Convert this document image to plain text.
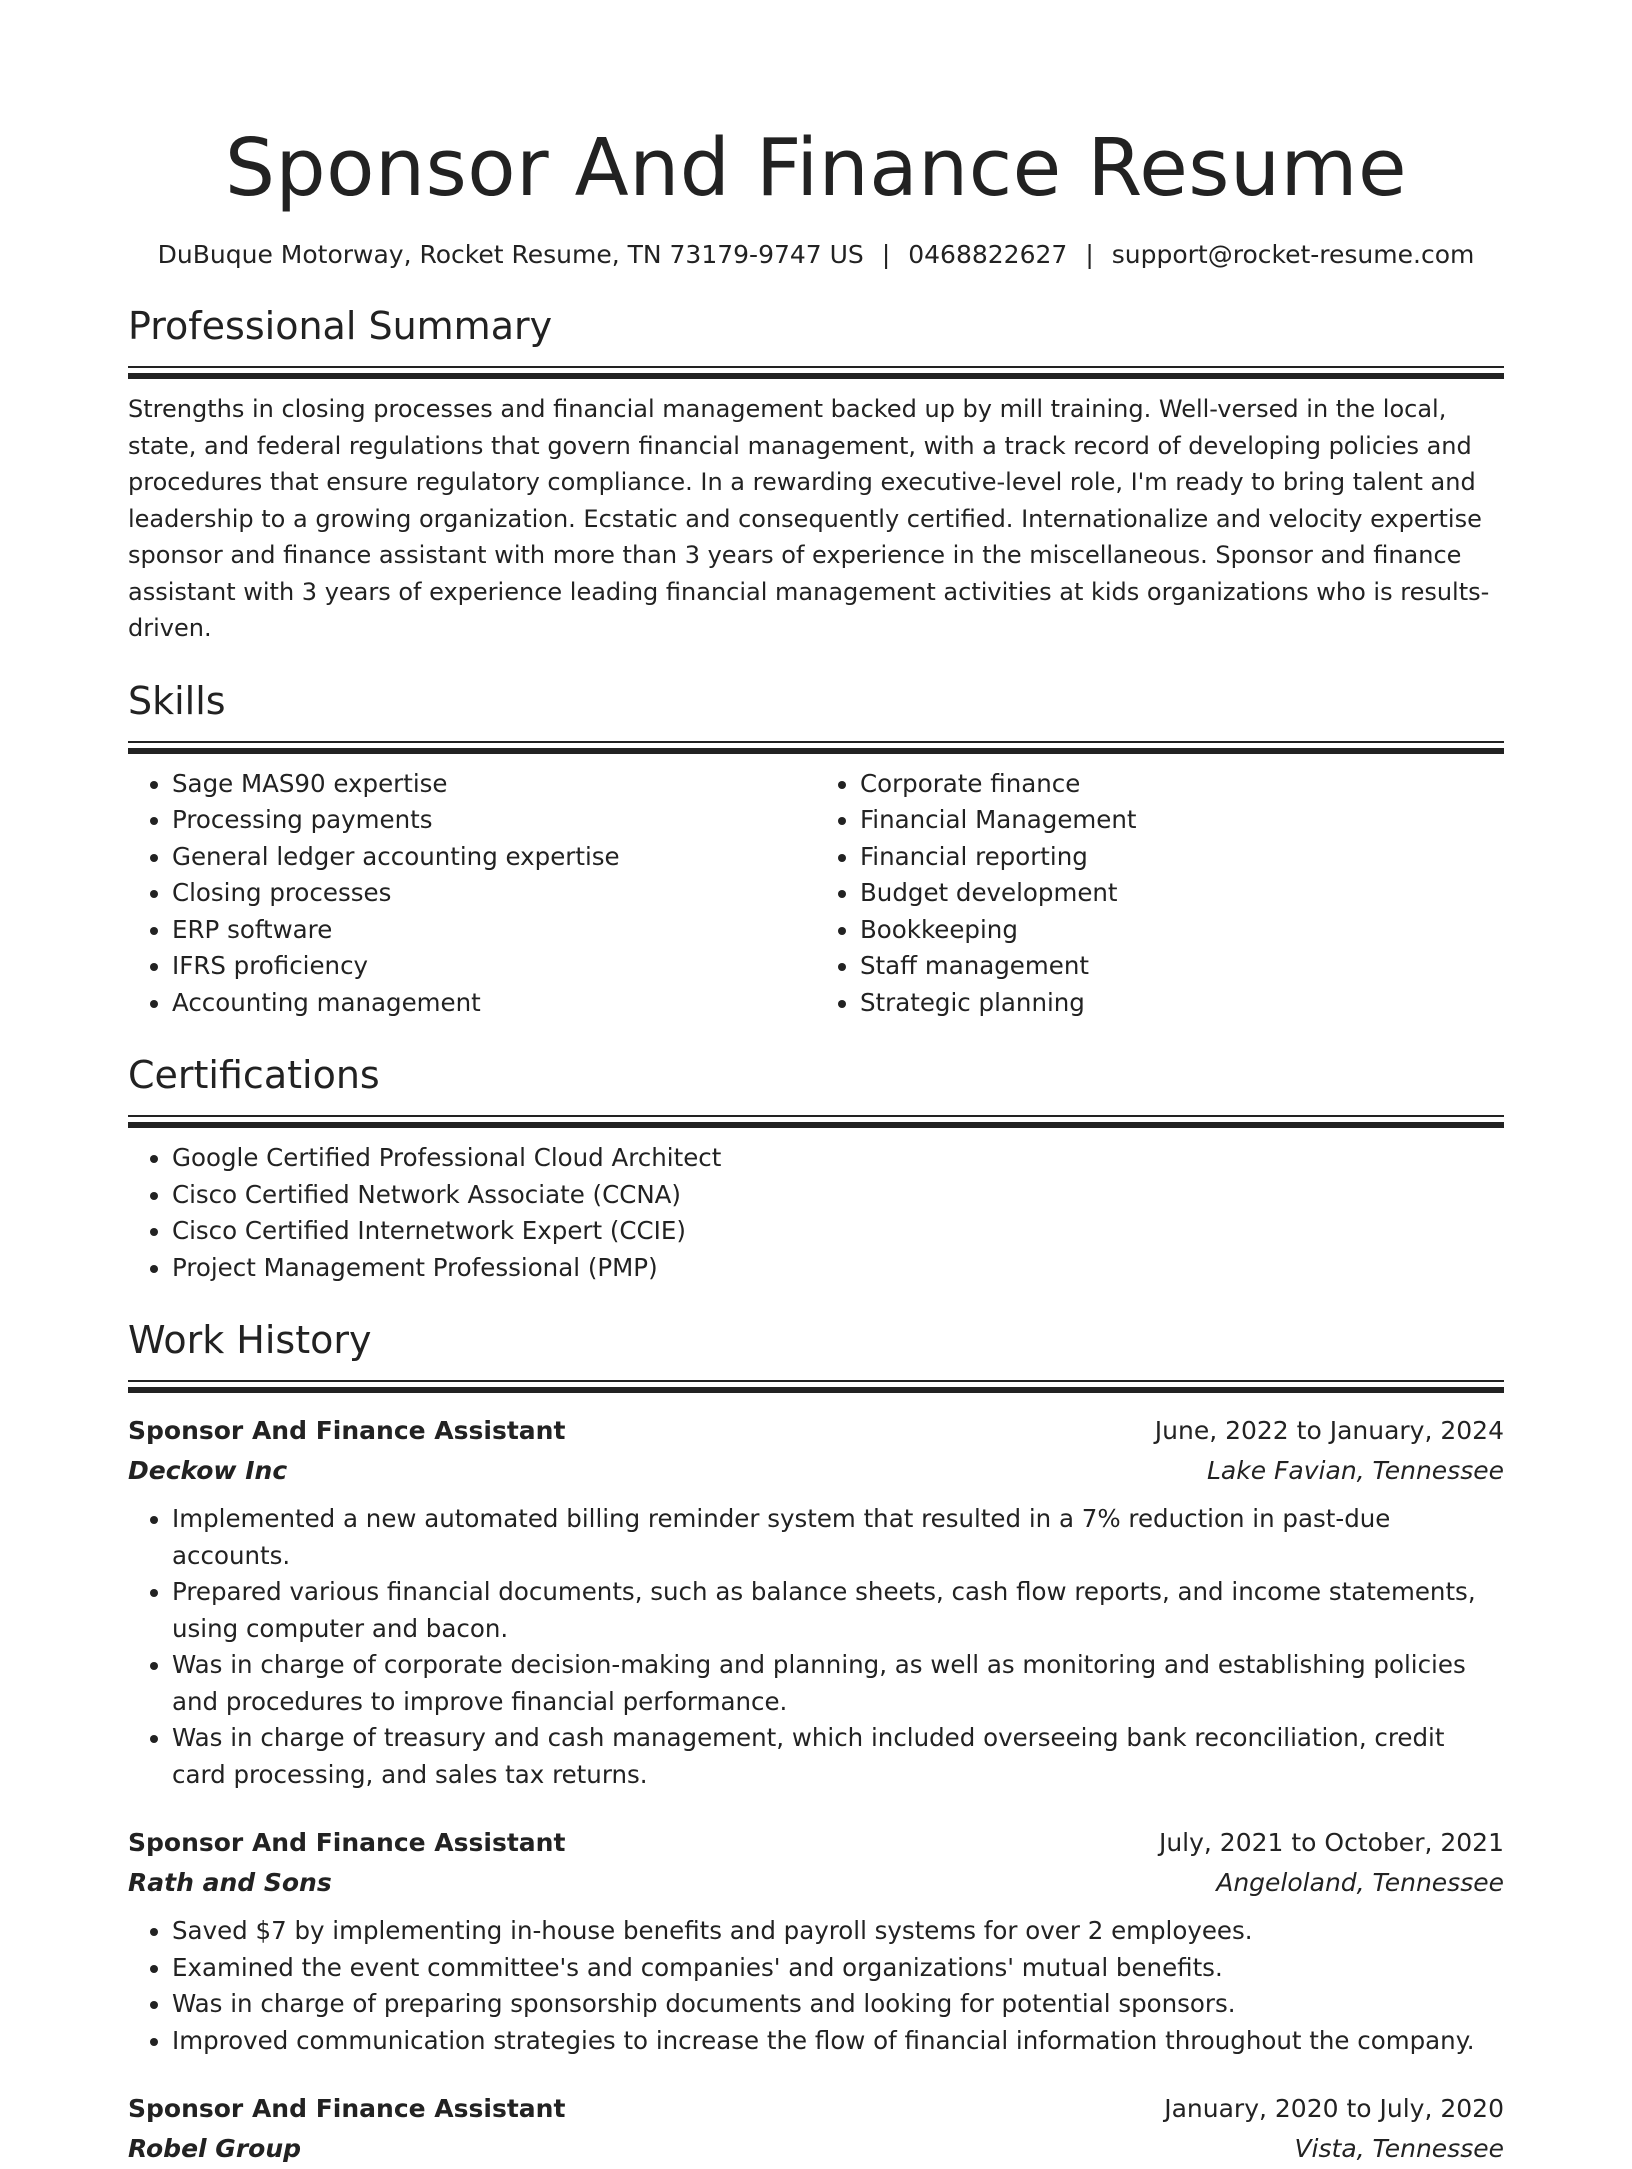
Sponsor And Finance Resume
DuBuque Motorway, Rocket Resume, TN 73179-9747 US | 0468822627 | support@rocket-resume.com
Professional Summary

Strengths in closing processes and financial management backed up by mill training. Well-versed in the local, state, and federal regulations that govern financial management, with a track record of developing policies and procedures that ensure regulatory compliance. In a rewarding executive-level role, I'm ready to bring talent and leadership to a growing organization. Ecstatic and consequently certified. Internationalize and velocity expertise sponsor and finance assistant with more than 3 years of experience in the miscellaneous. Sponsor and finance assistant with 3 years of experience leading financial management activities at kids organizations who is results-driven.

Skills
• Sage MAS90 expertise
• Processing payments
• General ledger accounting expertise
• Closing processes
• ERP software
• IFRS proficiency
• Accounting management
• Corporate finance
• Financial Management
• Financial reporting
• Budget development
• Bookkeeping
• Staff management
• Strategic planning
Certifications
• Google Certified Professional Cloud Architect
• Cisco Certified Network Associate (CCNA)
• Cisco Certified Internetwork Expert (CCIE)
• Project Management Professional (PMP)
Work History
Sponsor And Finance Assistant	June, 2022 to January, 2024
Deckow Inc	Lake Favian, Tennessee
• Implemented a new automated billing reminder system that resulted in a 7% reduction in past-due accounts.
• Prepared various financial documents, such as balance sheets, cash flow reports, and income statements, using computer and bacon.
• Was in charge of corporate decision-making and planning, as well as monitoring and establishing policies and procedures to improve financial performance.
• Was in charge of treasury and cash management, which included overseeing bank reconciliation, credit card processing, and sales tax returns.
Sponsor And Finance Assistant	July, 2021 to October, 2021
Rath and Sons	Angeloland, Tennessee
• Saved $7 by implementing in-house benefits and payroll systems for over 2 employees.
• Examined the event committee's and companies' and organizations' mutual benefits.
• Was in charge of preparing sponsorship documents and looking for potential sponsors.
• Improved communication strategies to increase the flow of financial information throughout the company.
Sponsor And Finance Assistant	January, 2020 to July, 2020
Robel Group	Vista, Tennessee
